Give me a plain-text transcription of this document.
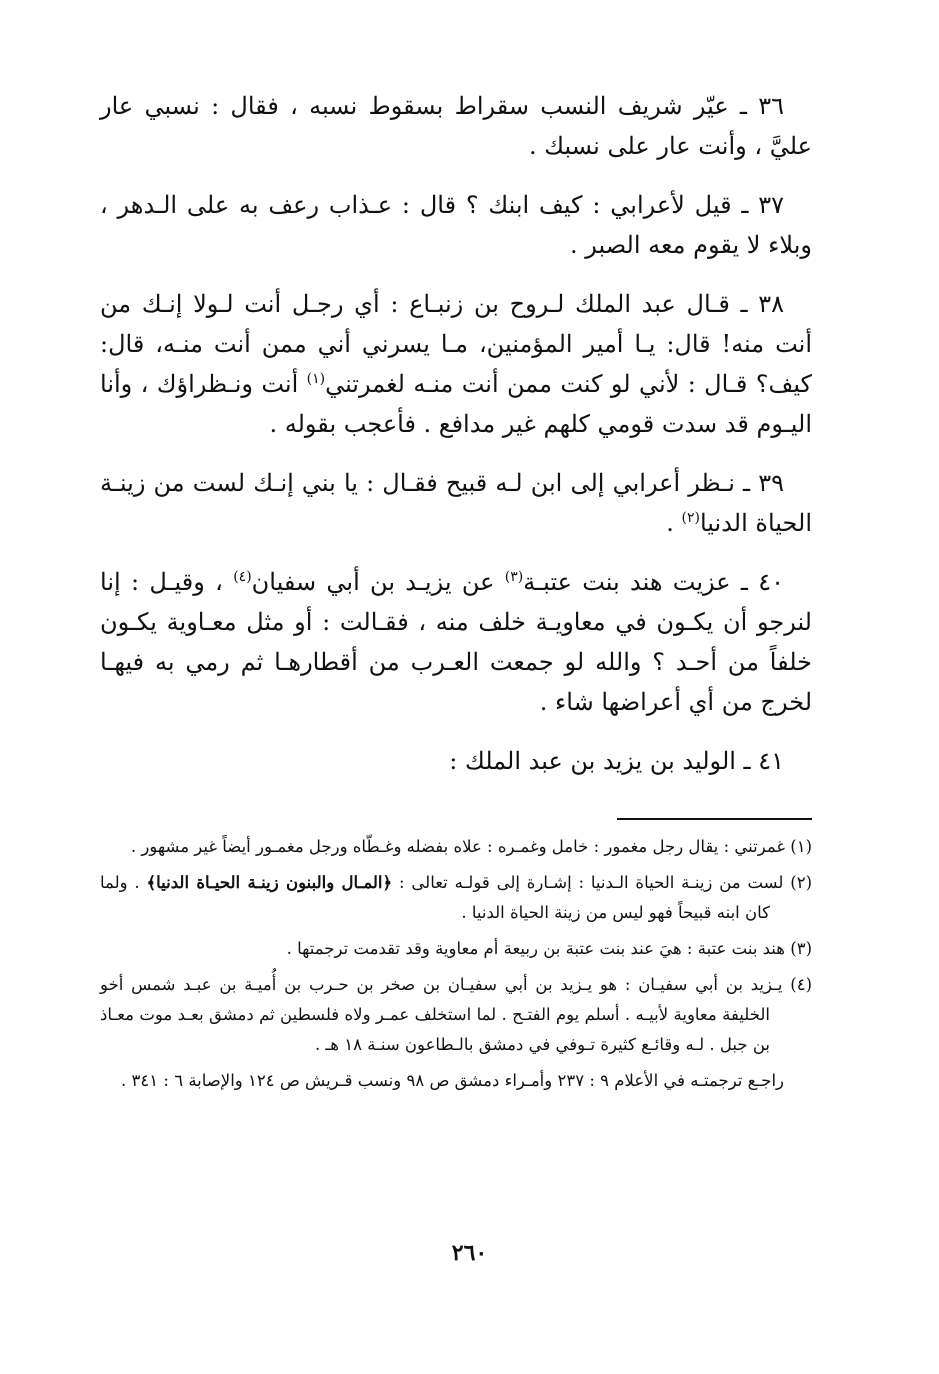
٣٦ ـ عيّر شريف النسب سقراط بسقوط نسبه ، فقال : نسبي عار عليَّ ، وأنت عار على نسبك .

٣٧ ـ قيل لأعرابي : كيف ابنك ؟ قال : عـذاب رعف به على الـدهر ، وبلاء لا يقوم معه الصبر .

٣٨ ـ قـال عبد الملك لـروح بن زنبـاع : أي رجـل أنت لـولا إنـك من أنت منه! قال: يـا أمير المؤمنين، مـا يسرني أني ممن أنت منـه، قال: كيف؟ قـال : لأني لو كنت ممن أنت منـه لغمرتني$^{(١)}$ أنت ونـظراؤك ، وأنا اليـوم قد سدت قومي كلهم غير مدافع . فأعجب بقوله .

٣٩ ـ نـظر أعرابي إلى ابن لـه قبيح فقـال : يا بني إنـك لست من زينـة الحياة الدنيا$^{(٢)}$ .

٤٠ ـ عزيت هند بنت عتبـة$^{(٣)}$ عن يزيـد بن أبي سفيان$^{(٤)}$ ، وقيـل : إنا لنرجو أن يكـون في معاويـة خلف منه ، فقـالت : أو مثل معـاوية يكـون خلفاً من أحـد ؟ والله لو جمعت العـرب من أقطارهـا ثم رمي به فيهـا لخرج من أي أعراضها شاء .

٤١ ـ الوليد بن يزيد بن عبد الملك :

(١) غمرتني : يقال رجل مغمور : خامل وغمـره : علاه بفضله وغـطّاه ورجل مغمـور أيضاً غير مشهور .

(٢) لست من زينـة الحياة الـدنيا : إشـارة إلى قولـه تعالى : ﴿المـال والبنون زينـة الحيـاة الدنيا﴾ . ولما كان ابنه قبيحاً فهو ليس من زينة الحياة الدنيا .

(٣) هند بنت عتبة : هيَ عند بنت عتبة بن ربيعة أم معاوية وقد تقدمت ترجمتها .

(٤) يـزيد بن أبي سفيـان : هو يـزيد بن أبي سفيـان بن صخر بن حـرب بن أُميـة بن عبـد شمس أخو الخليفة معاوية لأبيـه . أسلم يوم الفتـح . لما استخلف عمـر ولاه فلسطين ثم دمشق بعـد موت معـاذ بن جبل . لـه وقائـع كثيرة تـوفي في دمشق بالـطاعون سنـة ١٨ هـ .

راجـع ترجمتـه في الأعلام ٩ : ٢٣٧ وأمـراء دمشق ص ٩٨ ونسب قـريش ص ١٢٤ والإصابة ٦ : ٣٤١ .

٢٦٠
